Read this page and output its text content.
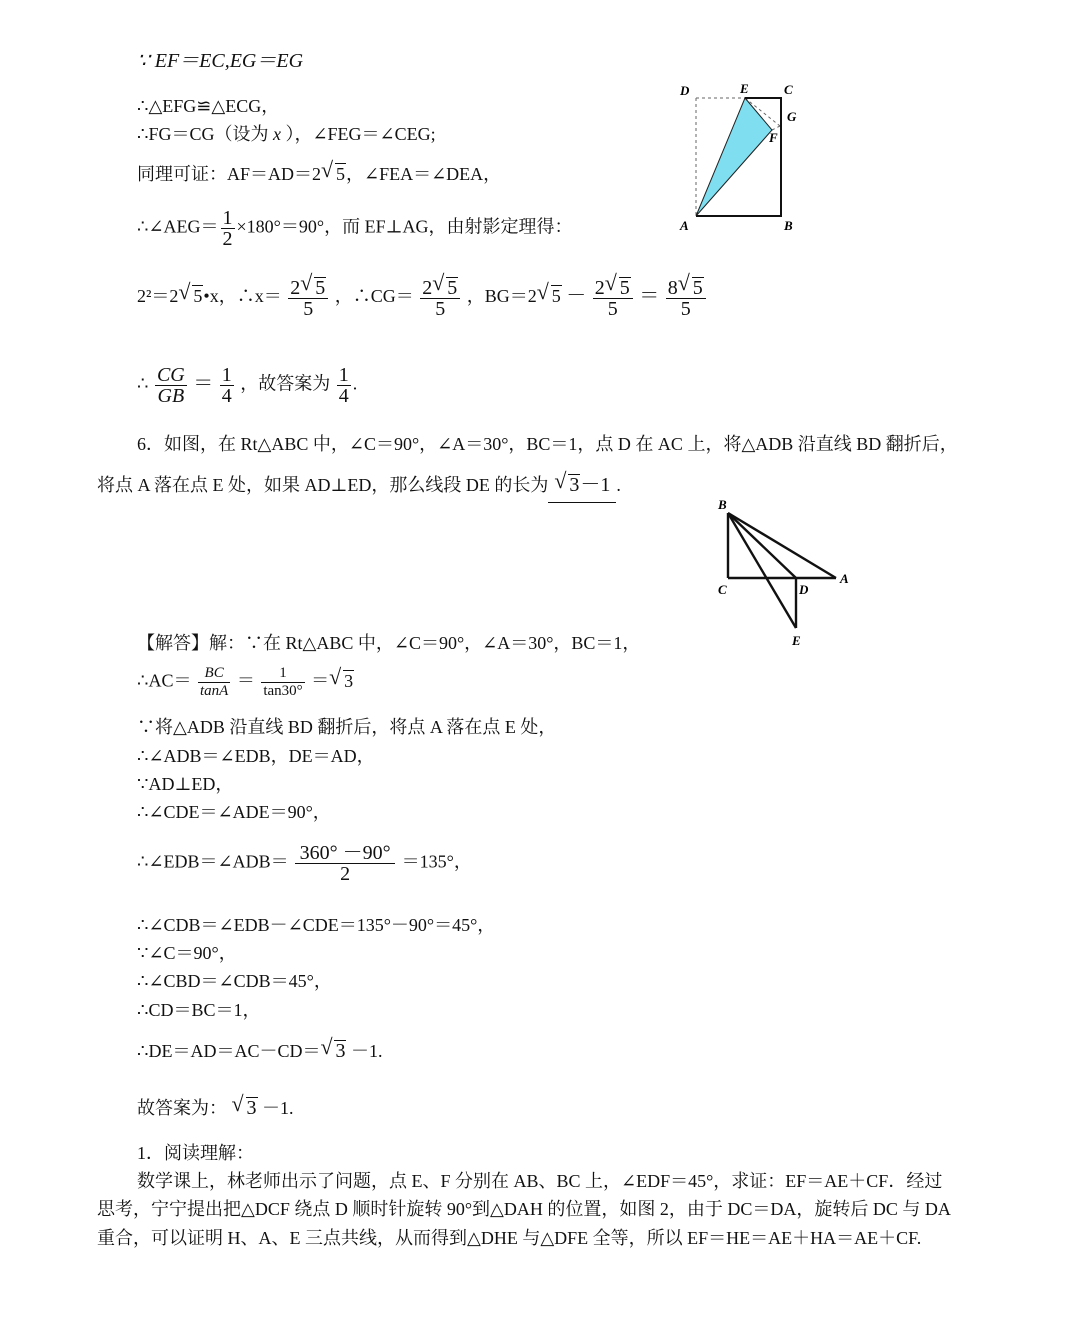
∵ EF＝EC,EG＝EG
∴△EFG≌△ECG，
∴FG＝CG（设为 x ），∠FEG＝∠CEG;
同理可证：AF＝AD＝2 √ 5，∠FEA＝∠DEA，
∴∠AEG＝ $\frac{1}{2} \times 180^\circ=90^\circ$，而 EF⊥AG，由射影定理得：
2²＝2 √ 5•x，∴x＝ $\frac{2 √ 5}{5}$ ，∴CG＝ $\frac{2 √ 5}{5}$ ，BG＝2 √ $5 - \frac{2 √ 5}{5} = \frac{8 √ 5}{5}$
∴ $\frac{CG}{GB} = \frac{1}{4}$ ，故答案为 $\frac{1}{4}$ .
D	E	C
G
F
A	B
6．如图，在 Rt△ABC 中，∠C＝90°，∠A＝30°，BC＝1，点 D 在 AC 上，将△ADB 沿直线 BD 翻折后，
将点 A 落在点 E 处，如果 AD⊥ED，那么线段 DE 的长为 √ 3－1 .
B
C	D
A
E
【解答】解：∵在 Rt△ABC 中，∠C＝90°，∠A＝30°，BC＝1，
∴AC＝ $\frac{BC}{\tan A} = \frac{1}{\tan 30^\circ}$ ＝ √ 3
∵将△ADB 沿直线 BD 翻折后，将点 A 落在点 E 处，
∴∠ADB＝∠EDB，DE＝AD，
∵AD⊥ED，
∴∠CDE＝∠ADE＝90°，
∴∠EDB＝∠ADB＝ $\frac{360^\circ -90^\circ}{2} =135^\circ$，
∴∠CDB＝∠EDB－∠CDE＝135°－90°＝45°，
∵∠C＝90°，
∴∠CBD＝∠CDB＝45°，
∴CD＝BC＝1，
∴DE＝AD＝AC－CD＝ √ 3 －1.
故答案为： √ 3 －1.
1．阅读理解：
数学课上，林老师出示了问题，点 E、F 分别在 AB、BC 上，∠EDF＝45°，求证：EF＝AE＋CF．经过
思考，宁宁提出把△DCF 绕点 D 顺时针旋转 90°到△DAH 的位置，如图 2，由于 DC＝DA，旋转后 DC 与 DA
重合，可以证明 H、A、E 三点共线，从而得到△DHE 与△DFE 全等，所以 EF＝HE＝AE＋HA＝AE＋CF.
